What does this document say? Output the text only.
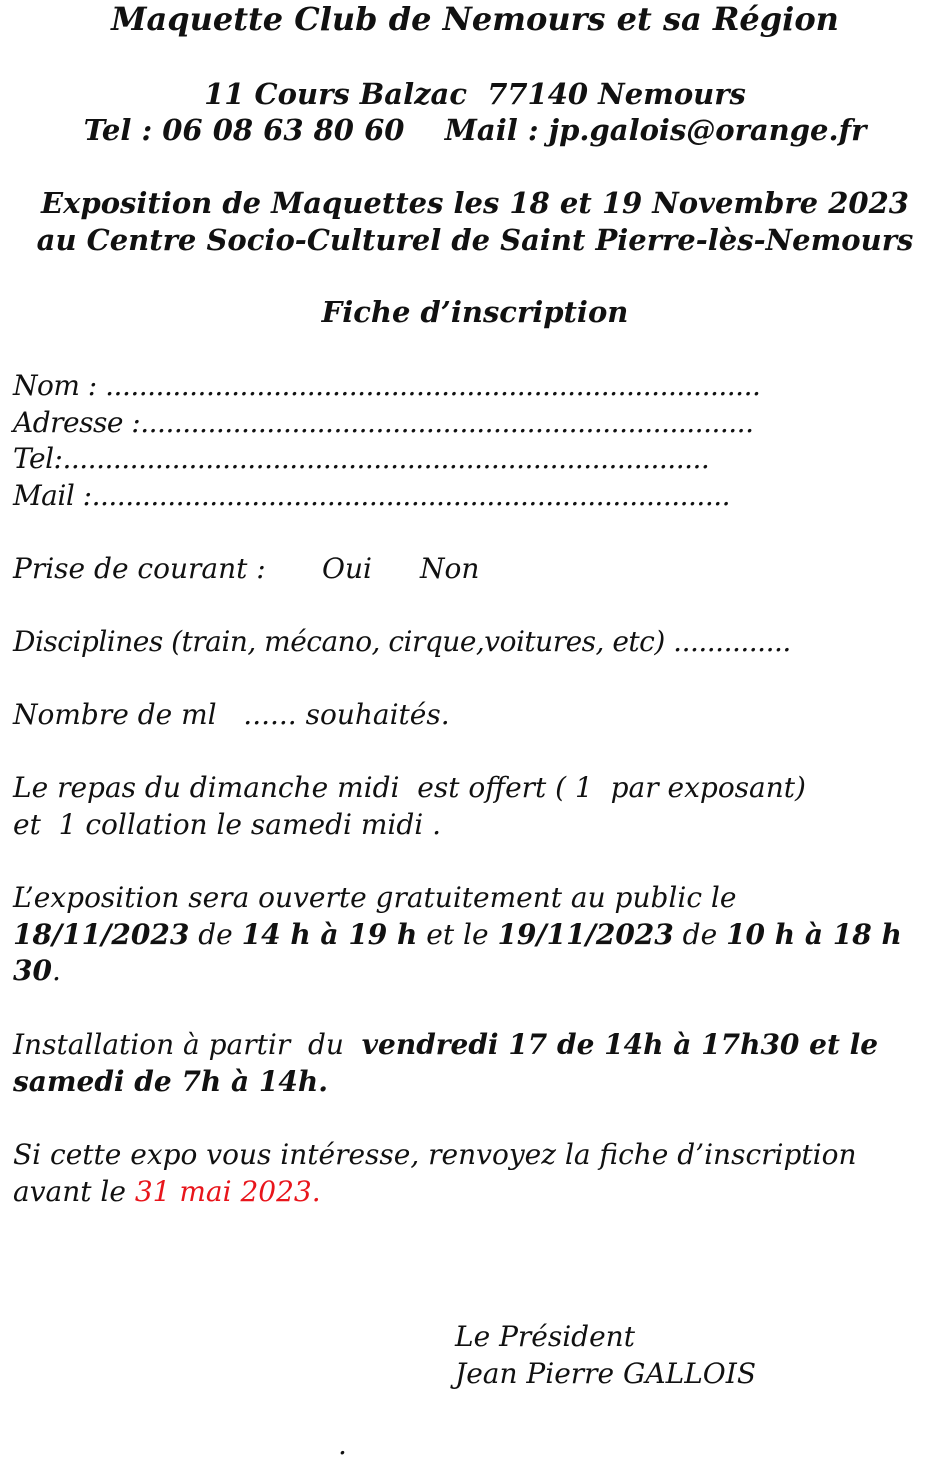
Maquette Club de Nemours et sa Région
11 Cours Balzac  77140 Nemours
Tel : 06 08 63 80 60    Mail : jp.galois@orange.fr
Exposition de Maquettes les 18 et 19 Novembre 2023
au Centre Socio-Culturel de Saint Pierre-lès-Nemours
Fiche d’inscription
Nom : ..............................................................................
Adresse :.........................................................................
Tel:.............................................................................
Mail :............................................................................
Prise de courant : Oui Non
Disciplines (train, mécano, cirque,voitures, etc) ..............
Nombre de ml   ...... souhaités.
Le repas du dimanche midi  est offert ( 1  par exposant)
et  1 collation le samedi midi .
L’exposition sera ouverte gratuitement au public le
18/11/2023 de 14 h à 19 h et le 19/11/2023 de 10 h à 18 h
30.
Installation à partir  du  vendredi 17 de 14h à 17h30 et le
samedi de 7h à 14h.
Si cette expo vous intéresse, renvoyez la fiche d’inscription
avant le 31 mai 2023.
Le Président
Jean Pierre GALLOIS
.
